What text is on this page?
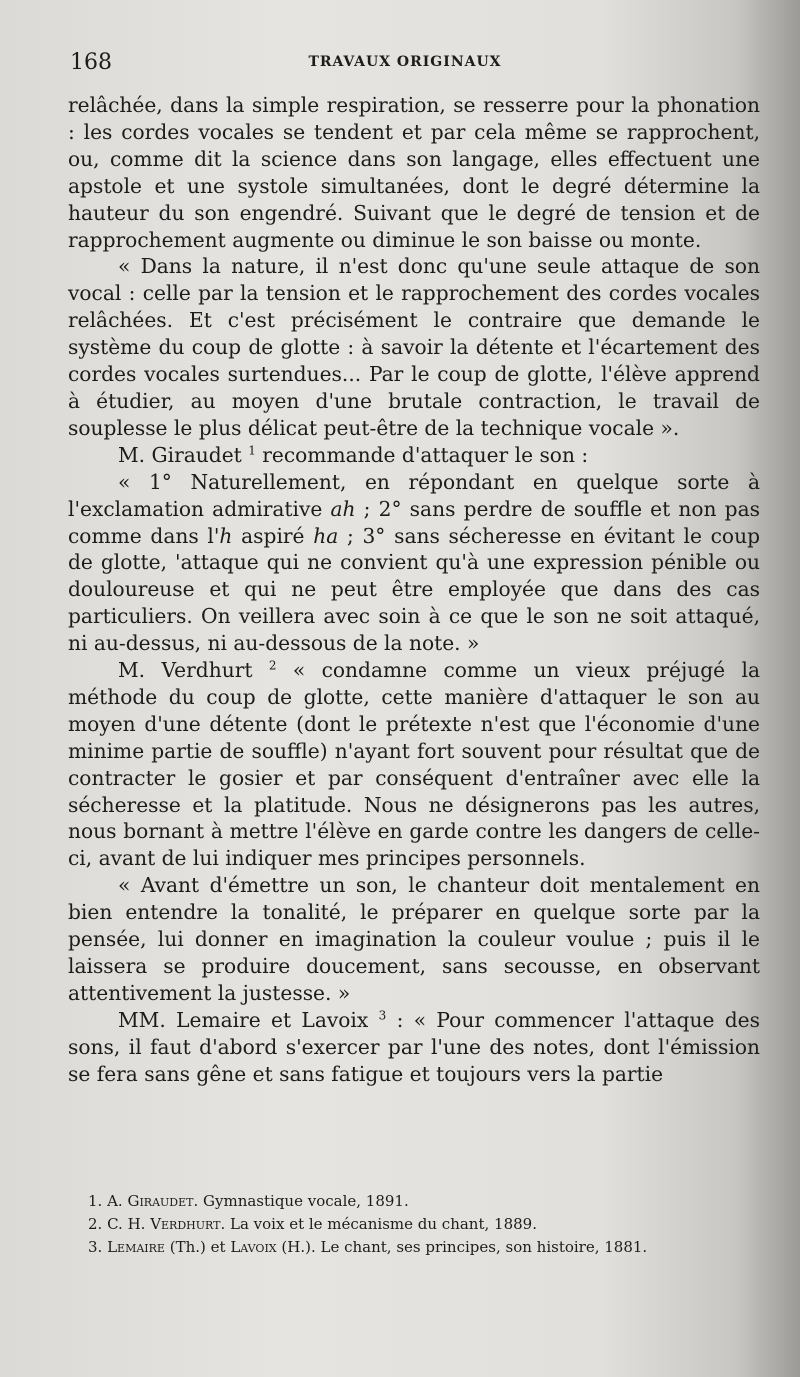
168	TRAVAUX ORIGINAUX

relâchée, dans la simple respiration, se resserre pour la phonation : les cordes vocales se tendent et par cela même se rapprochent, ou, comme dit la science dans son langage, elles effectuent une apstole et une systole simultanées, dont le degré détermine la hauteur du son engendré. Suivant que le degré de tension et de rapprochement augmente ou diminue le son baisse ou monte.

« Dans la nature, il n'est donc qu'une seule attaque de son vocal : celle par la tension et le rapprochement des cordes vocales relâchées. Et c'est précisément le contraire que demande le système du coup de glotte : à savoir la détente et l'écartement des cordes vocales surtendues... Par le coup de glotte, l'élève apprend à étudier, au moyen d'une brutale contraction, le travail de souplesse le plus délicat peut-être de la technique vocale ».

M. Giraudet $^1$ recommande d'attaquer le son :

« 1° Naturellement, en répondant en quelque sorte à l'exclamation admirative ah ; 2° sans perdre de souffle et non pas comme dans l'h aspiré ha ; 3° sans sécheresse en évitant le coup de glotte, 'attaque qui ne convient qu'à une expression pénible ou douloureuse et qui ne peut être employée que dans des cas particuliers. On veillera avec soin à ce que le son ne soit attaqué, ni au-dessus, ni au-dessous de la note. »

M. Verdhurt $^2$ « condamne comme un vieux préjugé la méthode du coup de glotte, cette manière d'attaquer le son au moyen d'une détente (dont le prétexte n'est que l'économie d'une minime partie de souffle) n'ayant fort souvent pour résultat que de contracter le gosier et par conséquent d'entraîner avec elle la sécheresse et la platitude. Nous ne désignerons pas les autres, nous bornant à mettre l'élève en garde contre les dangers de celle-ci, avant de lui indiquer mes principes personnels.

« Avant d'émettre un son, le chanteur doit mentalement en bien entendre la tonalité, le préparer en quelque sorte par la pensée, lui donner en imagination la couleur voulue ; puis il le laissera se produire doucement, sans secousse, en observant attentivement la justesse. »

MM. Lemaire et Lavoix $^3$ : « Pour commencer l'attaque des sons, il faut d'abord s'exercer par l'une des notes, dont l'émission se fera sans gêne et sans fatigue et toujours vers la partie

1. A. Giraudet. Gymnastique vocale, 1891.

2. C. H. Verdhurt. La voix et le mécanisme du chant, 1889.

3. Lemaire (Th.) et Lavoix (H.). Le chant, ses principes, son histoire, 1881.
